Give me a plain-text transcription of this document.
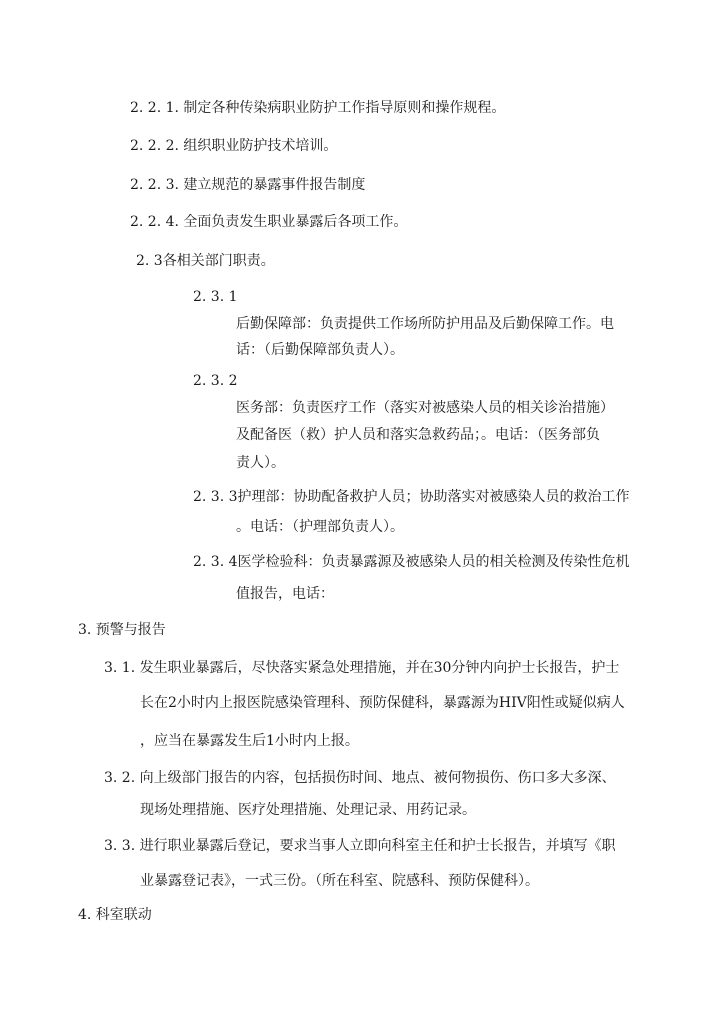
2. 2. 1. 制定各种传染病职业防护工作指导原则和操作规程。
2. 2. 2. 组织职业防护技术培训。
2. 2. 3. 建立规范的暴露事件报告制度
2. 2. 4. 全面负责发生职业暴露后各项工作。
2. 3各相关部门职责。
2. 3. 1
后勤保障部：负责提供工作场所防护用品及后勤保障工作。电
话：（后勤保障部负责人）。
2. 3. 2
医务部：负责医疗工作（落实对被感染人员的相关诊治措施）
及配备医（救）护人员和落实急救药品；。电话：（医务部负
责人）。
2. 3. 3护理部：协助配备救护人员；协助落实对被感染人员的救治工作
。电话：（护理部负责人）。
2. 3. 4医学检验科：负责暴露源及被感染人员的相关检测及传染性危机
值报告，电话：
3. 预警与报告
3. 1. 发生职业暴露后，尽快落实紧急处理措施，并在30分钟内向护士长报告，护士
长在2小时内上报医院感染管理科、预防保健科，暴露源为HIV阳性或疑似病人
，应当在暴露发生后1小时内上报。
3. 2. 向上级部门报告的内容，包括损伤时间、地点、被何物损伤、伤口多大多深、
现场处理措施、医疗处理措施、处理记录、用药记录。
3. 3. 进行职业暴露后登记，要求当事人立即向科室主任和护士长报告，并填写《职
业暴露登记表》，一式三份。（所在科室、院感科、预防保健科）。
4. 科室联动
